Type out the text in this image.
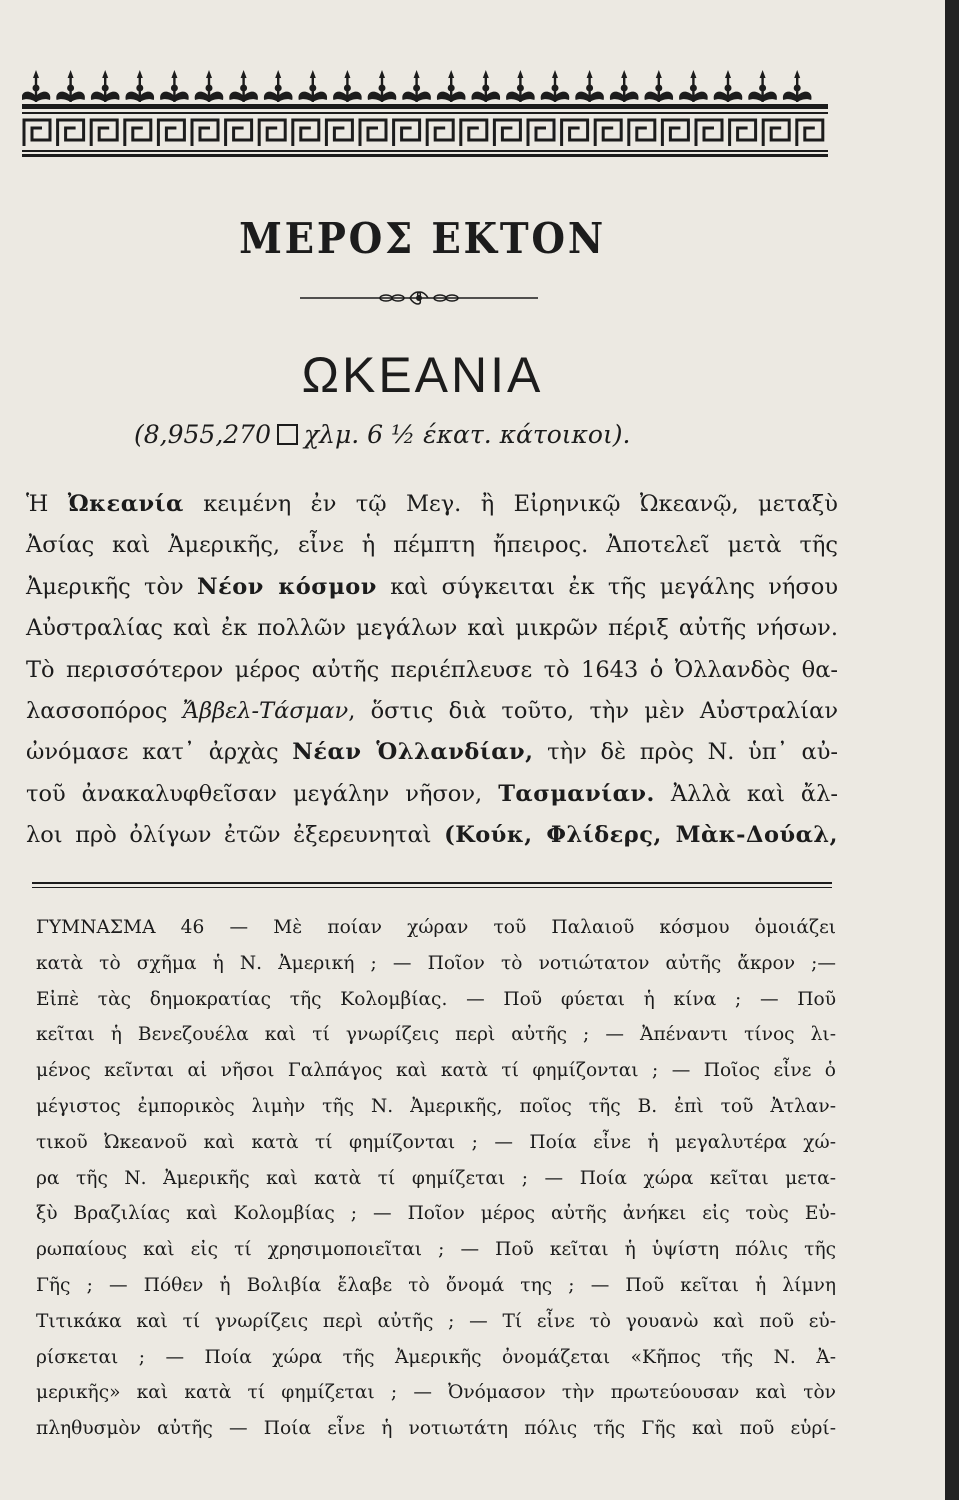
ΜΕΡΟΣ ΕΚΤΟΝ
ΩΚΕΑΝΙΑ
(8,955,270 χλμ. 6 ½ έκατ. κάτοικοι).
Ἡ Ὠκεανία κειμένη ἐν τῷ Μεγ. ἢ Εἰρηνικῷ Ὠκεανῷ, μεταξὺ
Ἀσίας καὶ Ἀμερικῆς, εἶνε ἡ πέμπτη ἤπειρος. Ἀποτελεῖ μετὰ τῆς
Ἀμερικῆς τὸν Νέον κόσμον καὶ σύγκειται ἐκ τῆς μεγάλης νήσου
Αὐστραλίας καὶ ἐκ πολλῶν μεγάλων καὶ μικρῶν πέριξ αὐτῆς νήσων.
Τὸ περισσότερον μέρος αὐτῆς περιέπλευσε τὸ 1643 ὁ Ὀλλανδὸς θα-
λασσοπόρος Ἄββελ-Τάσμαν, ὅστις διὰ τοῦτο, τὴν μὲν Αὐστραλίαν
ὠνόμασε κατ᾽ ἀρχὰς Νέαν Ὁλλανδίαν, τὴν δὲ πρὸς Ν. ὑπ᾽ αὐ-
τοῦ ἀνακαλυφθεῖσαν μεγάλην νῆσον, Τασμανίαν. Ἀλλὰ καὶ ἄλ-
λοι πρὸ ὀλίγων ἐτῶν ἐξερευνηταὶ (Κούκ, Φλίδερς, Μὰκ-Δούαλ,
ΓΥΜΝΑΣΜΑ 46 — Μὲ ποίαν χώραν τοῦ Παλαιοῦ κόσμου ὁμοιάζει
κατὰ τὸ σχῆμα ἡ Ν. Ἀμερική ; — Ποῖον τὸ νοτιώτατον αὐτῆς ἄκρον ;—
Εἰπὲ τὰς δημοκρατίας τῆς Κολομβίας. — Ποῦ φύεται ἡ κίνα ; — Ποῦ
κεῖται ἡ Βενεζουέλα καὶ τί γνωρίζεις περὶ αὐτῆς ; — Ἀπέναντι τίνος λι-
μένος κεῖνται αἱ νῆσοι Γαλπάγος καὶ κατὰ τί φημίζονται ; — Ποῖος εἶνε ὁ
μέγιστος ἐμπορικὸς λιμὴν τῆς Ν. Ἀμερικῆς, ποῖος τῆς Β. ἐπὶ τοῦ Ἀτλαν-
τικοῦ Ὠκεανοῦ καὶ κατὰ τί φημίζονται ; — Ποία εἶνε ἡ μεγαλυτέρα χώ-
ρα τῆς Ν. Ἀμερικῆς καὶ κατὰ τί φημίζεται ; — Ποία χώρα κεῖται μετα-
ξὺ Βραζιλίας καὶ Κολομβίας ; — Ποῖον μέρος αὐτῆς ἀνήκει εἰς τοὺς Εὐ-
ρωπαίους καὶ εἰς τί χρησιμοποιεῖται ; — Ποῦ κεῖται ἡ ὑψίστη πόλις τῆς
Γῆς ; — Πόθεν ἡ Βολιβία ἔλαβε τὸ ὄνομά της ; — Ποῦ κεῖται ἡ λίμνη
Τιτικάκα καὶ τί γνωρίζεις περὶ αὐτῆς ; — Τί εἶνε τὸ γουανὼ καὶ ποῦ εὑ-
ρίσκεται ; — Ποία χώρα τῆς Ἀμερικῆς ὀνομάζεται «Κῆπος τῆς Ν. Ἀ-
μερικῆς» καὶ κατὰ τί φημίζεται ; — Ὀνόμασον τὴν πρωτεύουσαν καὶ τὸν
πληθυσμὸν αὐτῆς — Ποία εἶνε ἡ νοτιωτάτη πόλις τῆς Γῆς καὶ ποῦ εὑρί-
